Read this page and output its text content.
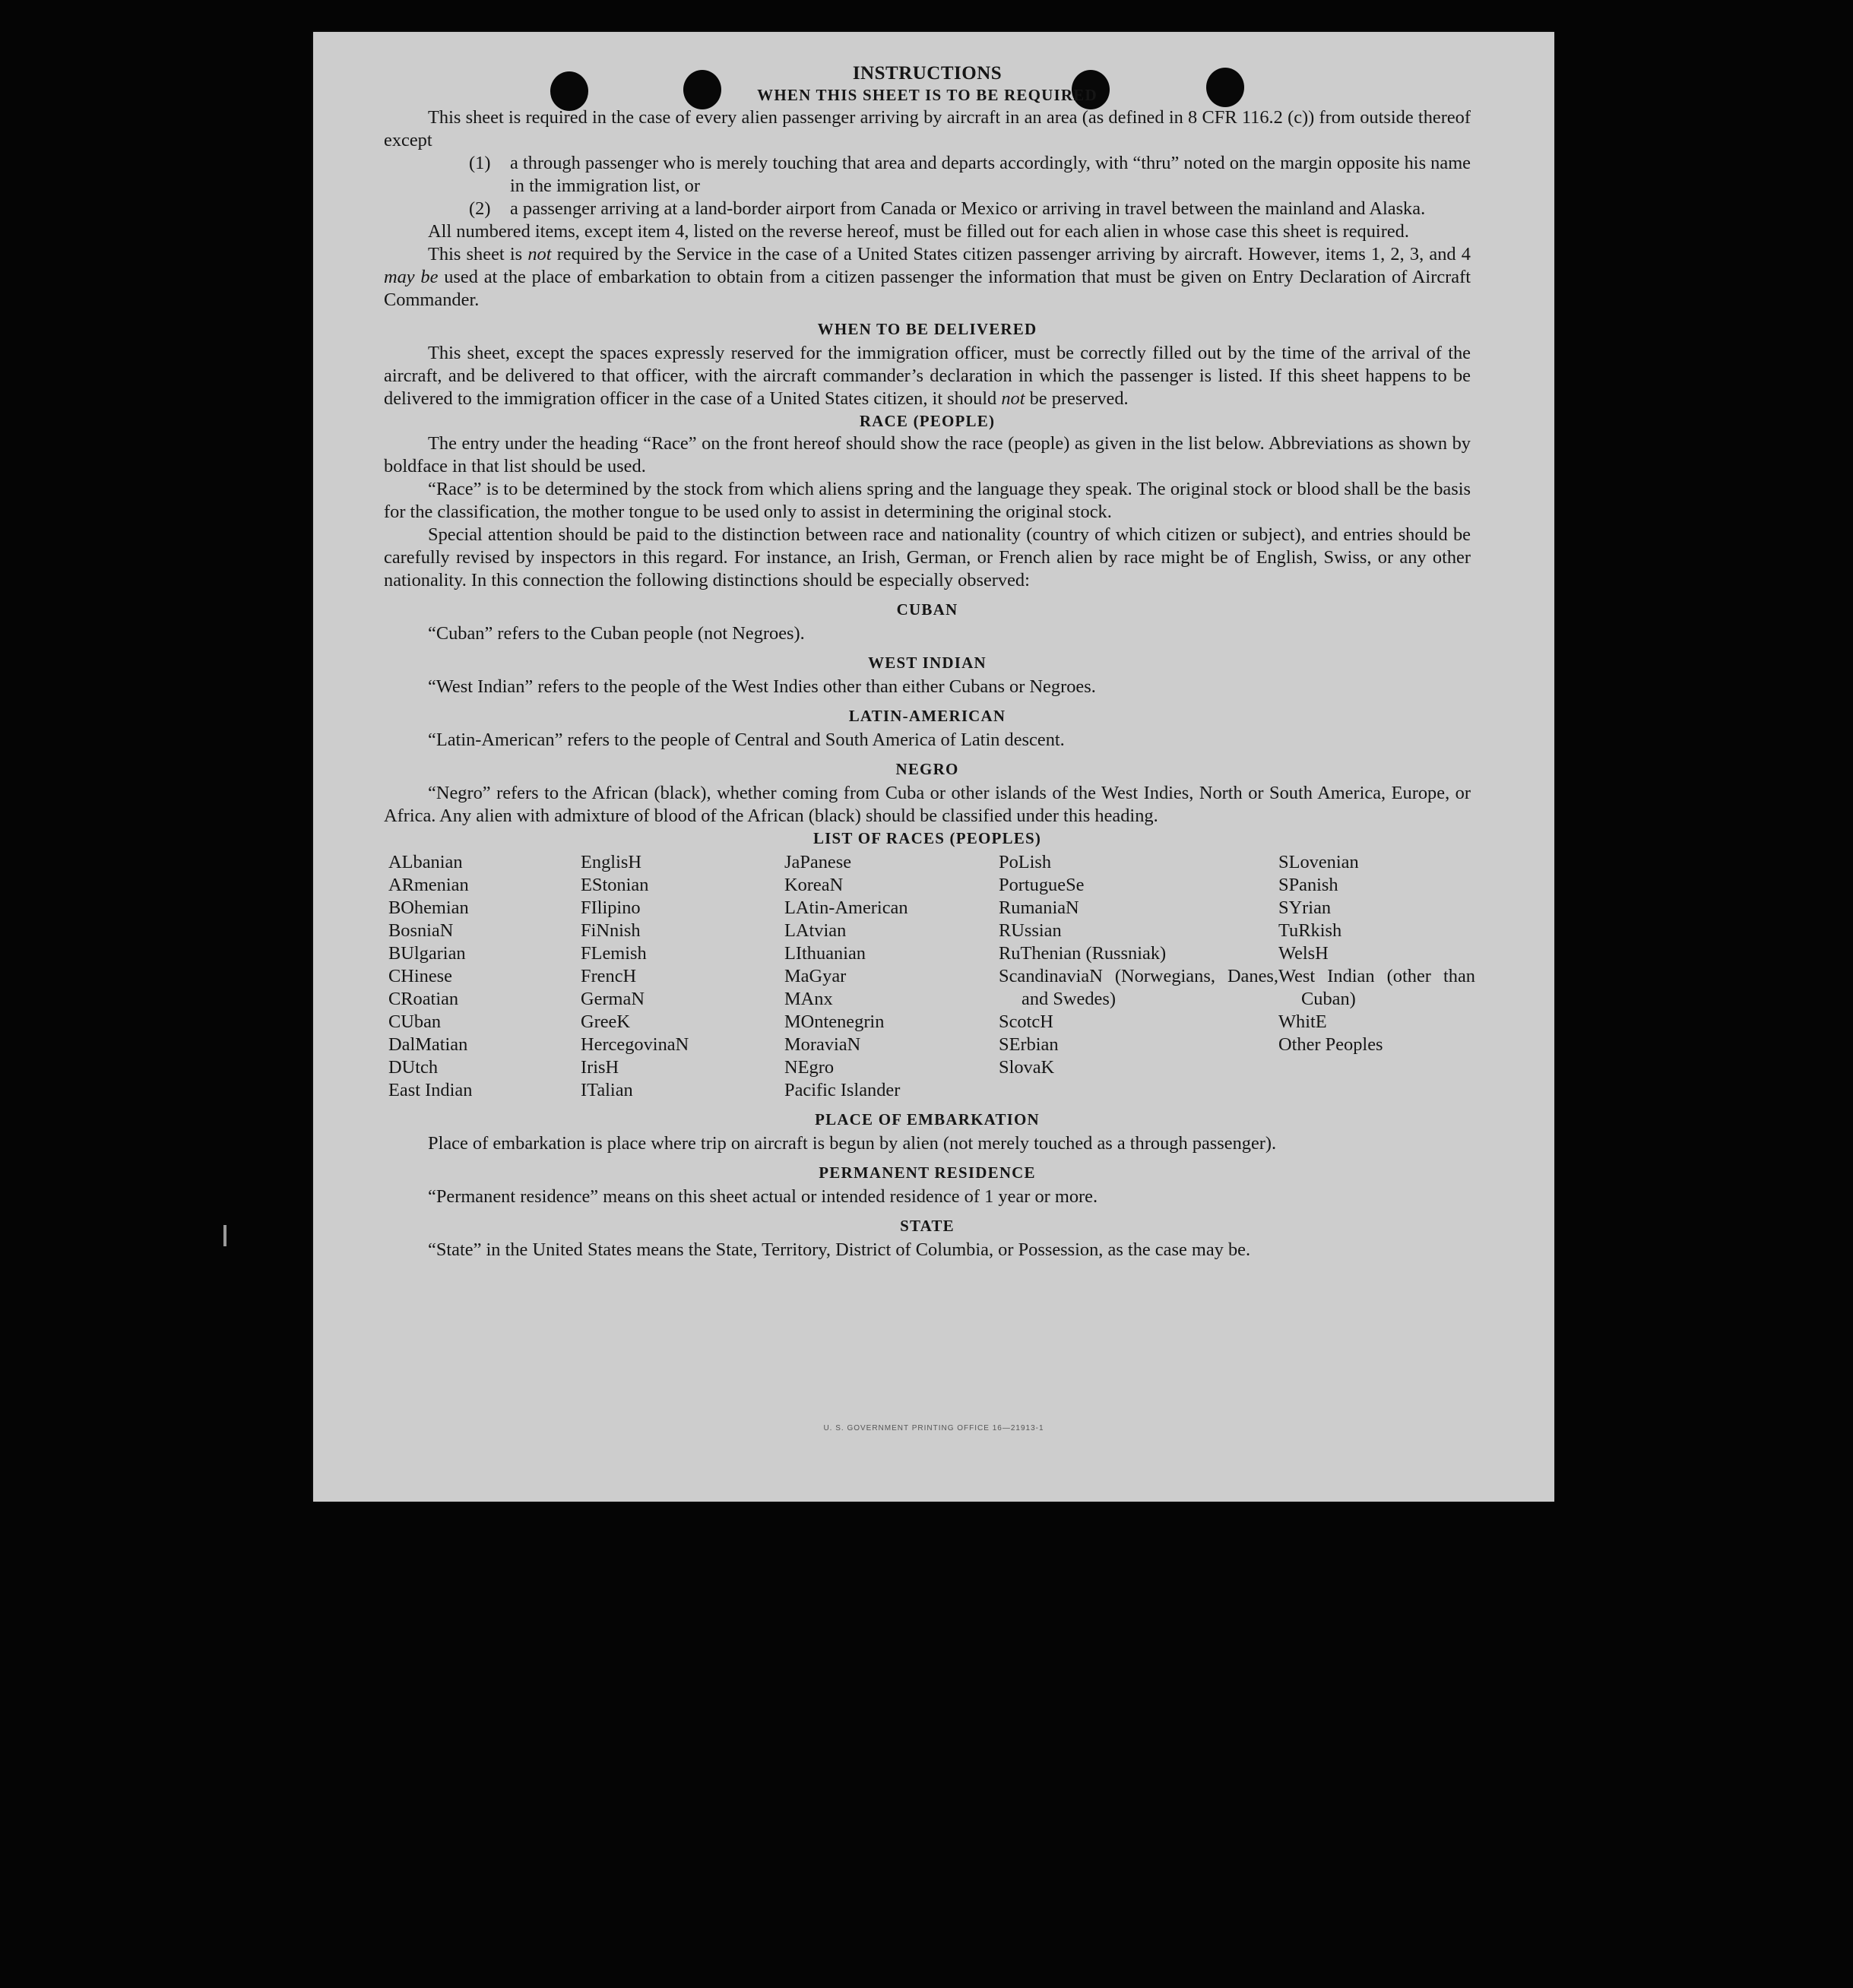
INSTRUCTIONS
WHEN THIS SHEET IS TO BE REQUIRED

This sheet is required in the case of every alien passenger arriving by aircraft in an area (as defined in 8 CFR 116.2 (c)) from outside thereof except

(1)	a through passenger who is merely touching that area and departs accordingly, with “thru” noted on the margin opposite his name in the immigration list, or
(2)	a passenger arriving at a land-border airport from Canada or Mexico or arriving in travel between the mainland and Alaska.

All numbered items, except item 4, listed on the reverse hereof, must be filled out for each alien in whose case this sheet is required.

This sheet is not required by the Service in the case of a United States citizen passenger arriving by aircraft. However, items 1, 2, 3, and 4 may be used at the place of embarkation to obtain from a citizen passenger the information that must be given on Entry Declaration of Aircraft Commander.

WHEN TO BE DELIVERED

This sheet, except the spaces expressly reserved for the immigration officer, must be correctly filled out by the time of the arrival of the aircraft, and be delivered to that officer, with the aircraft commander’s declaration in which the passenger is listed. If this sheet happens to be delivered to the immigration officer in the case of a United States citizen, it should not be preserved.

RACE (PEOPLE)

The entry under the heading “Race” on the front hereof should show the race (people) as given in the list below. Abbreviations as shown by boldface in that list should be used.

“Race” is to be determined by the stock from which aliens spring and the language they speak. The original stock or blood shall be the basis for the classification, the mother tongue to be used only to assist in determining the original stock.

Special attention should be paid to the distinction between race and nationality (country of which citizen or subject), and entries should be carefully revised by inspectors in this regard. For instance, an Irish, German, or French alien by race might be of English, Swiss, or any other nationality. In this connection the following distinctions should be especially observed:

CUBAN

“Cuban” refers to the Cuban people (not Negroes).

WEST INDIAN

“West Indian” refers to the people of the West Indies other than either Cubans or Negroes.

LATIN-AMERICAN

“Latin-American” refers to the people of Central and South America of Latin descent.

NEGRO

“Negro” refers to the African (black), whether coming from Cuba or other islands of the West Indies, North or South America, Europe, or Africa. Any alien with admixture of blood of the African (black) should be classified under this heading.

LIST OF RACES (PEOPLES)
ALbanian
ARmenian
BOhemian
BosniaN
BUlgarian
CHinese
CRoatian
CUban
DalMatian
DUtch
East Indian
EnglisH
EStonian
FIlipino
FiNnish
FLemish
FrencH
GermaN
GreeK
HercegovinaN
IrisH
ITalian
JaPanese
KoreaN
LAtin-American
LAtvian
LIthuanian
MaGyar
MAnx
MOntenegrin
MoraviaN
NEgro
Pacific Islander
PoLish
PortugueSe
RumaniaN
RUssian
RuThenian (Russniak)
ScandinaviaN (Norwegians, Danes, and Swedes)
ScotcH
SErbian
SlovaK
SLovenian
SPanish
SYrian
TuRkish
WelsH
West Indian (other than Cuban)
WhitE
Other Peoples
PLACE OF EMBARKATION

Place of embarkation is place where trip on aircraft is begun by alien (not merely touched as a through passenger).

PERMANENT RESIDENCE

“Permanent residence” means on this sheet actual or intended residence of 1 year or more.

STATE

“State” in the United States means the State, Territory, District of Columbia, or Possession, as the case may be.

U. S. GOVERNMENT PRINTING OFFICE 16—21913-1
